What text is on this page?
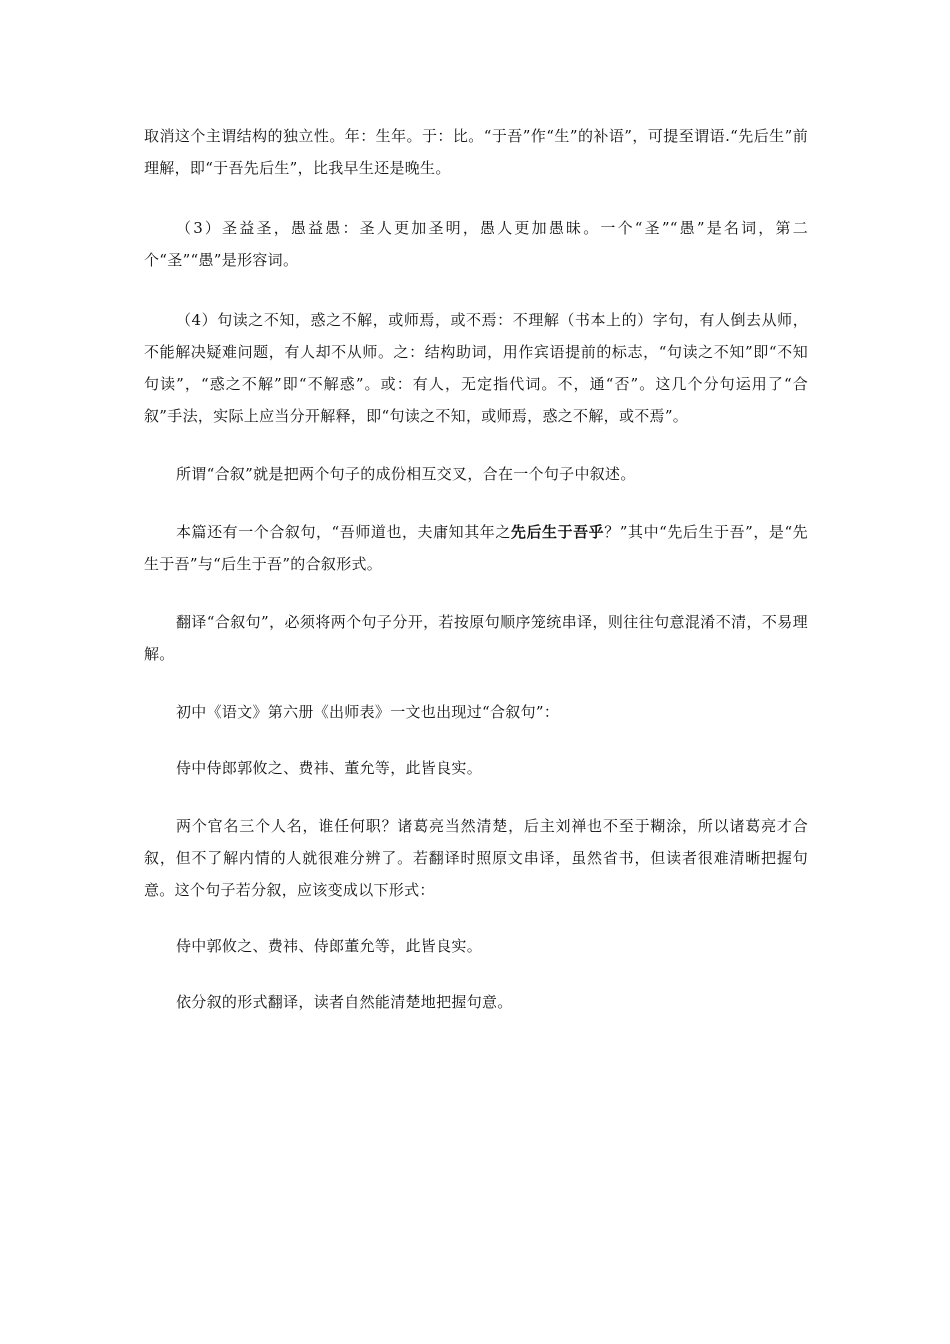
取消这个主谓结构的独立性。年：生年。于：比。“于吾”作“生”的补语”，可提至谓语.“先后生”前理解，即“于吾先后生”，比我早生还是晚生。

（3）圣益圣，愚益愚：圣人更加圣明，愚人更加愚昧。一个“圣”“愚”是名词，第二个“圣”“愚”是形容词。

（4）句读之不知，惑之不解，或师焉，或不焉：不理解（书本上的）字句，有人倒去从师，不能解决疑难问题，有人却不从师。之：结构助词，用作宾语提前的标志，“句读之不知”即“不知句读”，“惑之不解”即“不解惑”。或：有人，无定指代词。不，通“否”。这几个分句运用了“合叙”手法，实际上应当分开解释，即“句读之不知，或师焉，惑之不解，或不焉”。

所谓“合叙”就是把两个句子的成份相互交叉，合在一个句子中叙述。

本篇还有一个合叙句，“吾师道也，夫庸知其年之先后生于吾乎？”其中“先后生于吾”，是“先生于吾”与“后生于吾”的合叙形式。

翻译“合叙句”，必须将两个句子分开，若按原句顺序笼统串译，则往往句意混淆不清，不易理解。

初中《语文》第六册《出师表》一文也出现过“合叙句”：

侍中侍郎郭攸之、费祎、董允等，此皆良实。

两个官名三个人名，谁任何职？诸葛亮当然清楚，后主刘禅也不至于糊涂，所以诸葛亮才合叙，但不了解内情的人就很难分辨了。若翻译时照原文串译，虽然省书，但读者很难清晰把握句意。这个句子若分叙，应该变成以下形式：

侍中郭攸之、费祎、侍郎董允等，此皆良实。

依分叙的形式翻译，读者自然能清楚地把握句意。
